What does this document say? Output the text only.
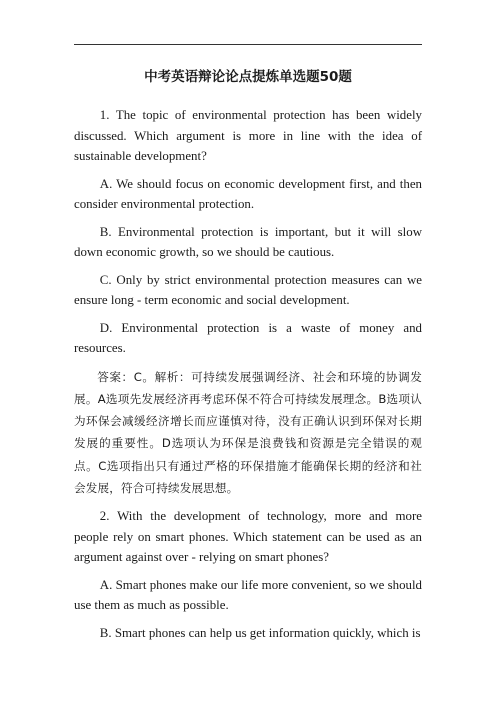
中考英语辩论论点提炼单选题50题

1. The topic of environmental protection has been widely discussed. Which argument is more in line with the idea of sustainable development?

A. We should focus on economic development first, and then consider environmental protection.

B. Environmental protection is important, but it will slow down economic growth, so we should be cautious.

C. Only by strict environmental protection measures can we ensure long - term economic and social development.

D. Environmental protection is a waste of money and resources.

答案：C。解析：可持续发展强调经济、社会和环境的协调发展。A选项先发展经济再考虑环保不符合可持续发展理念。B选项认为环保会减缓经济增长而应谨慎对待，没有正确认识到环保对长期发展的重要性。D选项认为环保是浪费钱和资源是完全错误的观点。C选项指出只有通过严格的环保措施才能确保长期的经济和社会发展，符合可持续发展思想。

2. With the development of technology, more and more people rely on smart phones. Which statement can be used as an argument against over - relying on smart phones?

A. Smart phones make our life more convenient, so we should use them as much as possible.

B. Smart phones can help us get information quickly, which is
